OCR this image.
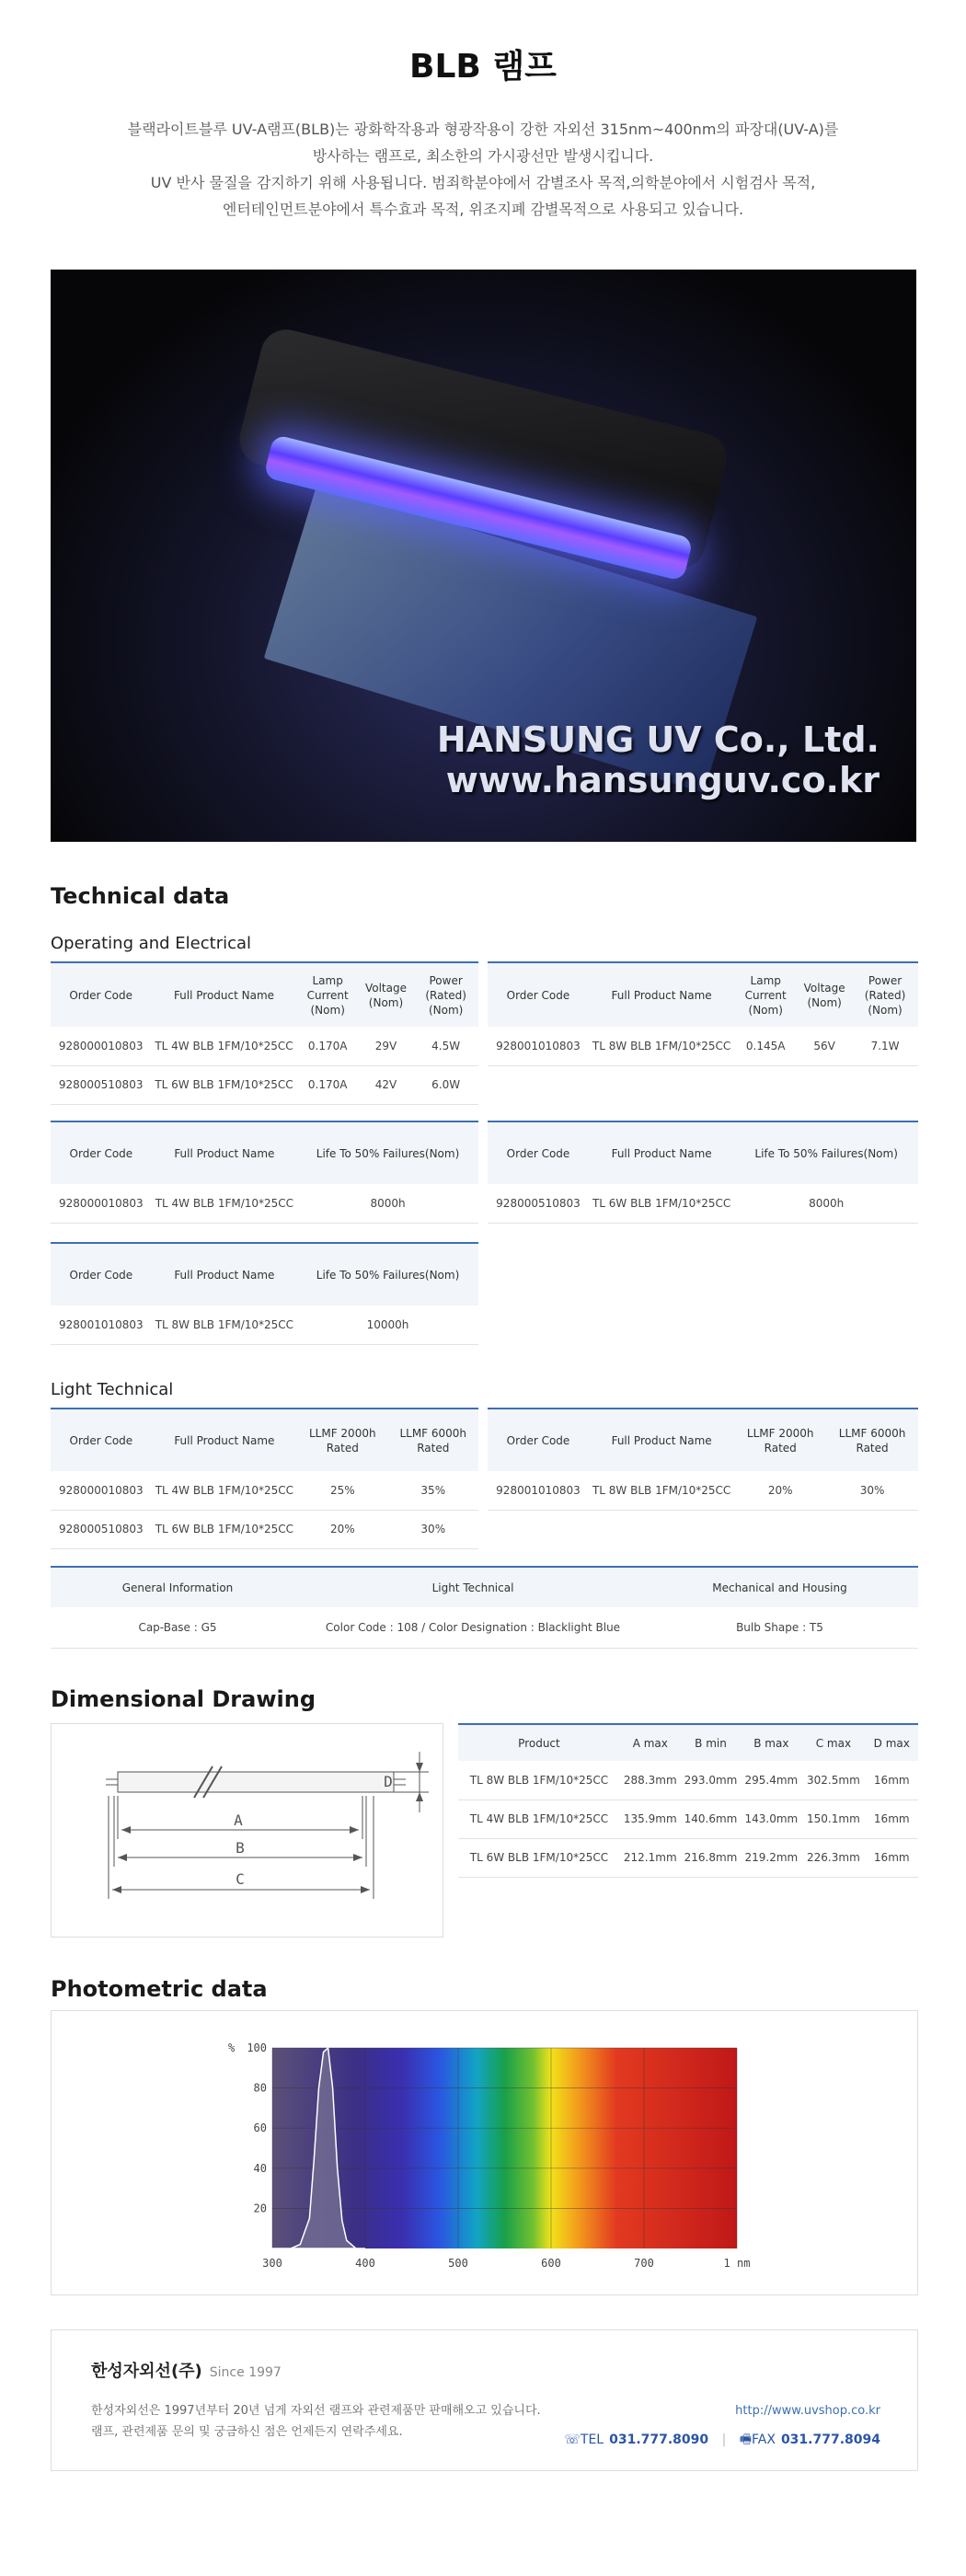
BLB 램프
블랙라이트블루 UV-A램프(BLB)는 광화학작용과 형광작용이 강한 자외선 315nm~400nm의 파장대(UV-A)를
방사하는 램프로, 최소한의 가시광선만 발생시킵니다.
UV 반사 물질을 감지하기 위해 사용됩니다. 범죄학분야에서 감별조사 목적,의학분야에서 시험검사 목적,
엔터테인먼트분야에서 특수효과 목적, 위조지폐 감별목적으로 사용되고 있습니다.
HANSUNG UV Co., Ltd.
www.hansunguv.co.kr
Technical data
Operating and Electrical
Order Code	Full Product Name	Lamp Current (Nom)	Voltage (Nom)	Power (Rated) (Nom)
928000010803	TL 4W BLB 1FM/10*25CC	0.170A	29V	4.5W
928000510803	TL 6W BLB 1FM/10*25CC	0.170A	42V	6.0W
Order Code	Full Product Name	Lamp Current (Nom)	Voltage (Nom)	Power (Rated) (Nom)
928001010803	TL 8W BLB 1FM/10*25CC	0.145A	56V	7.1W
Order Code	Full Product Name	Life To 50% Failures(Nom)
928000010803	TL 4W BLB 1FM/10*25CC	8000h
Order Code	Full Product Name	Life To 50% Failures(Nom)
928000510803	TL 6W BLB 1FM/10*25CC	8000h
Order Code	Full Product Name	Life To 50% Failures(Nom)
928001010803	TL 8W BLB 1FM/10*25CC	10000h
Light Technical
Order Code	Full Product Name	LLMF 2000h Rated	LLMF 6000h Rated
928000010803	TL 4W BLB 1FM/10*25CC	25%	35%
928000510803	TL 6W BLB 1FM/10*25CC	20%	30%
Order Code	Full Product Name	LLMF 2000h Rated	LLMF 6000h Rated
928001010803	TL 8W BLB 1FM/10*25CC	20%	30%
General Information	Light Technical	Mechanical and Housing
Cap-Base : G5	Color Code : 108 / Color Designation : Blacklight Blue	Bulb Shape : T5
Dimensional Drawing
A
B
C
D
Product	A max	B min	B max	C max	D max
TL 8W BLB 1FM/10*25CC	288.3mm	293.0mm	295.4mm	302.5mm	16mm
TL 4W BLB 1FM/10*25CC	135.9mm	140.6mm	143.0mm	150.1mm	16mm
TL 6W BLB 1FM/10*25CC	212.1mm	216.8mm	219.2mm	226.3mm	16mm
Photometric data
300	400	500	600	700	1 nm
20
40
60
80
100
%
한성자외선(주) Since 1997
한성자외선은 1997년부터 20년 넘게 자외선 램프와 관련제품만 판매해오고 있습니다.
램프, 관련제품 문의 및 궁금하신 점은 언제든지 연락주세요.
http://www.uvshop.co.kr
☏TEL 031.777.8090 | 🖷FAX 031.777.8094
